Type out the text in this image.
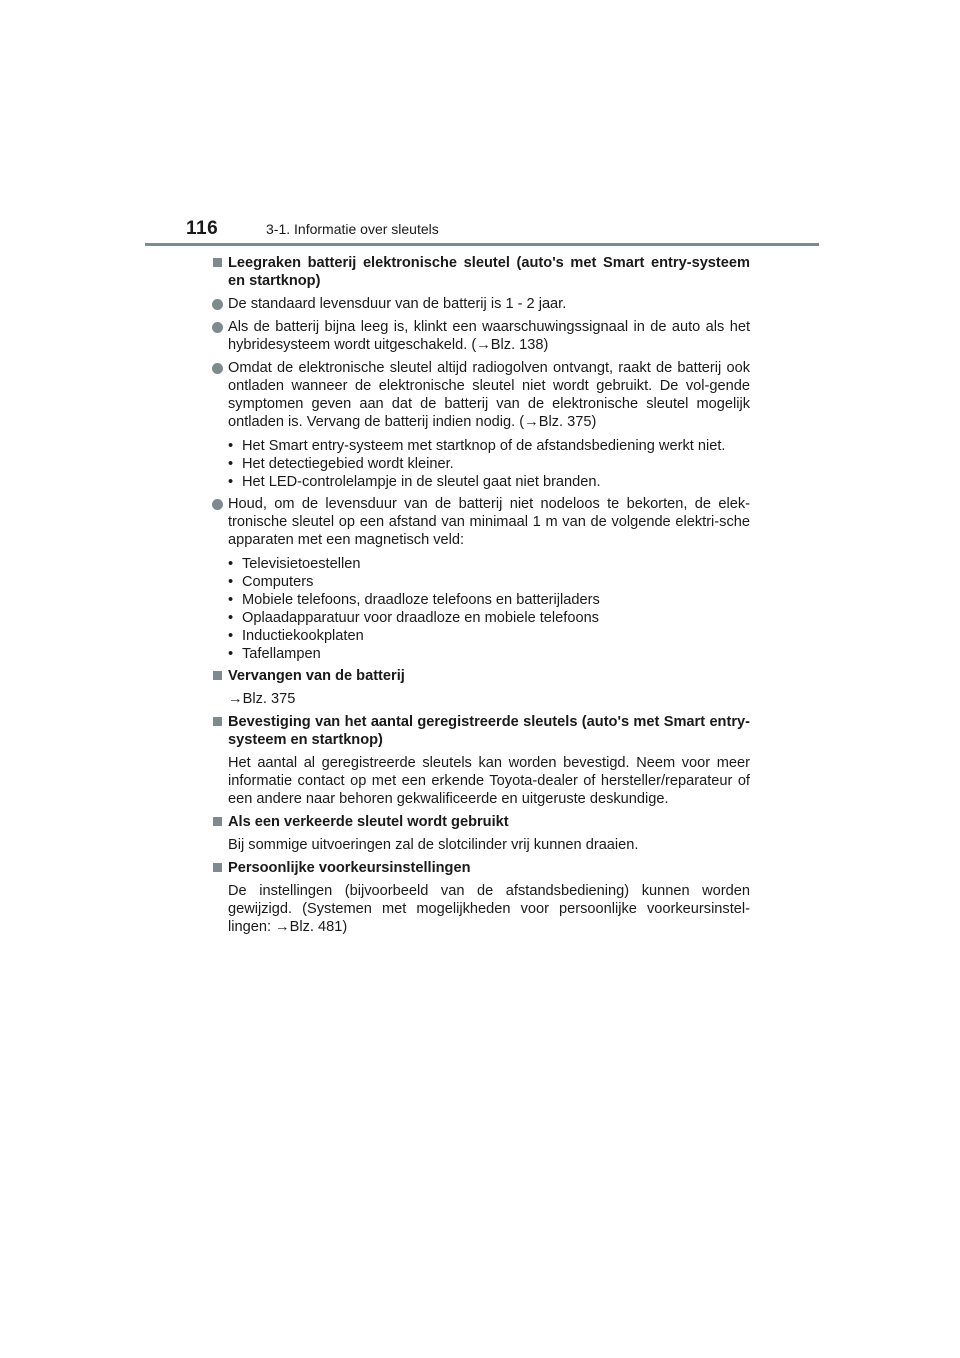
116	3-1. Informatie over sleutels
Leegraken batterij elektronische sleutel (auto's met Smart entry-systeem en startknop)
De standaard levensduur van de batterij is 1 - 2 jaar.
Als de batterij bijna leeg is, klinkt een waarschuwingssignaal in de auto als het hybridesysteem wordt uitgeschakeld. (→Blz. 138)
Omdat de elektronische sleutel altijd radiogolven ontvangt, raakt de batterij ook ontladen wanneer de elektronische sleutel niet wordt gebruikt. De vol-gende symptomen geven aan dat de batterij van de elektronische sleutel mogelijk ontladen is. Vervang de batterij indien nodig. (→Blz. 375)
• Het Smart entry-systeem met startknop of de afstandsbediening werkt niet.
• Het detectiegebied wordt kleiner.
• Het LED-controlelampje in de sleutel gaat niet branden.
Houd, om de levensduur van de batterij niet nodeloos te bekorten, de elek-tronische sleutel op een afstand van minimaal 1 m van de volgende elektri-sche apparaten met een magnetisch veld:
• Televisietoestellen
• Computers
• Mobiele telefoons, draadloze telefoons en batterijladers
• Oplaadapparatuur voor draadloze en mobiele telefoons
• Inductiekookplaten
• Tafellampen
Vervangen van de batterij
→Blz. 375
Bevestiging van het aantal geregistreerde sleutels (auto's met Smart entry-systeem en startknop)
Het aantal al geregistreerde sleutels kan worden bevestigd. Neem voor meer informatie contact op met een erkende Toyota-dealer of hersteller/reparateur of een andere naar behoren gekwalificeerde en uitgeruste deskundige.
Als een verkeerde sleutel wordt gebruikt
Bij sommige uitvoeringen zal de slotcilinder vrij kunnen draaien.
Persoonlijke voorkeursinstellingen
De instellingen (bijvoorbeeld van de afstandsbediening) kunnen worden gewijzigd. (Systemen met mogelijkheden voor persoonlijke voorkeursinstel-lingen: →Blz. 481)
